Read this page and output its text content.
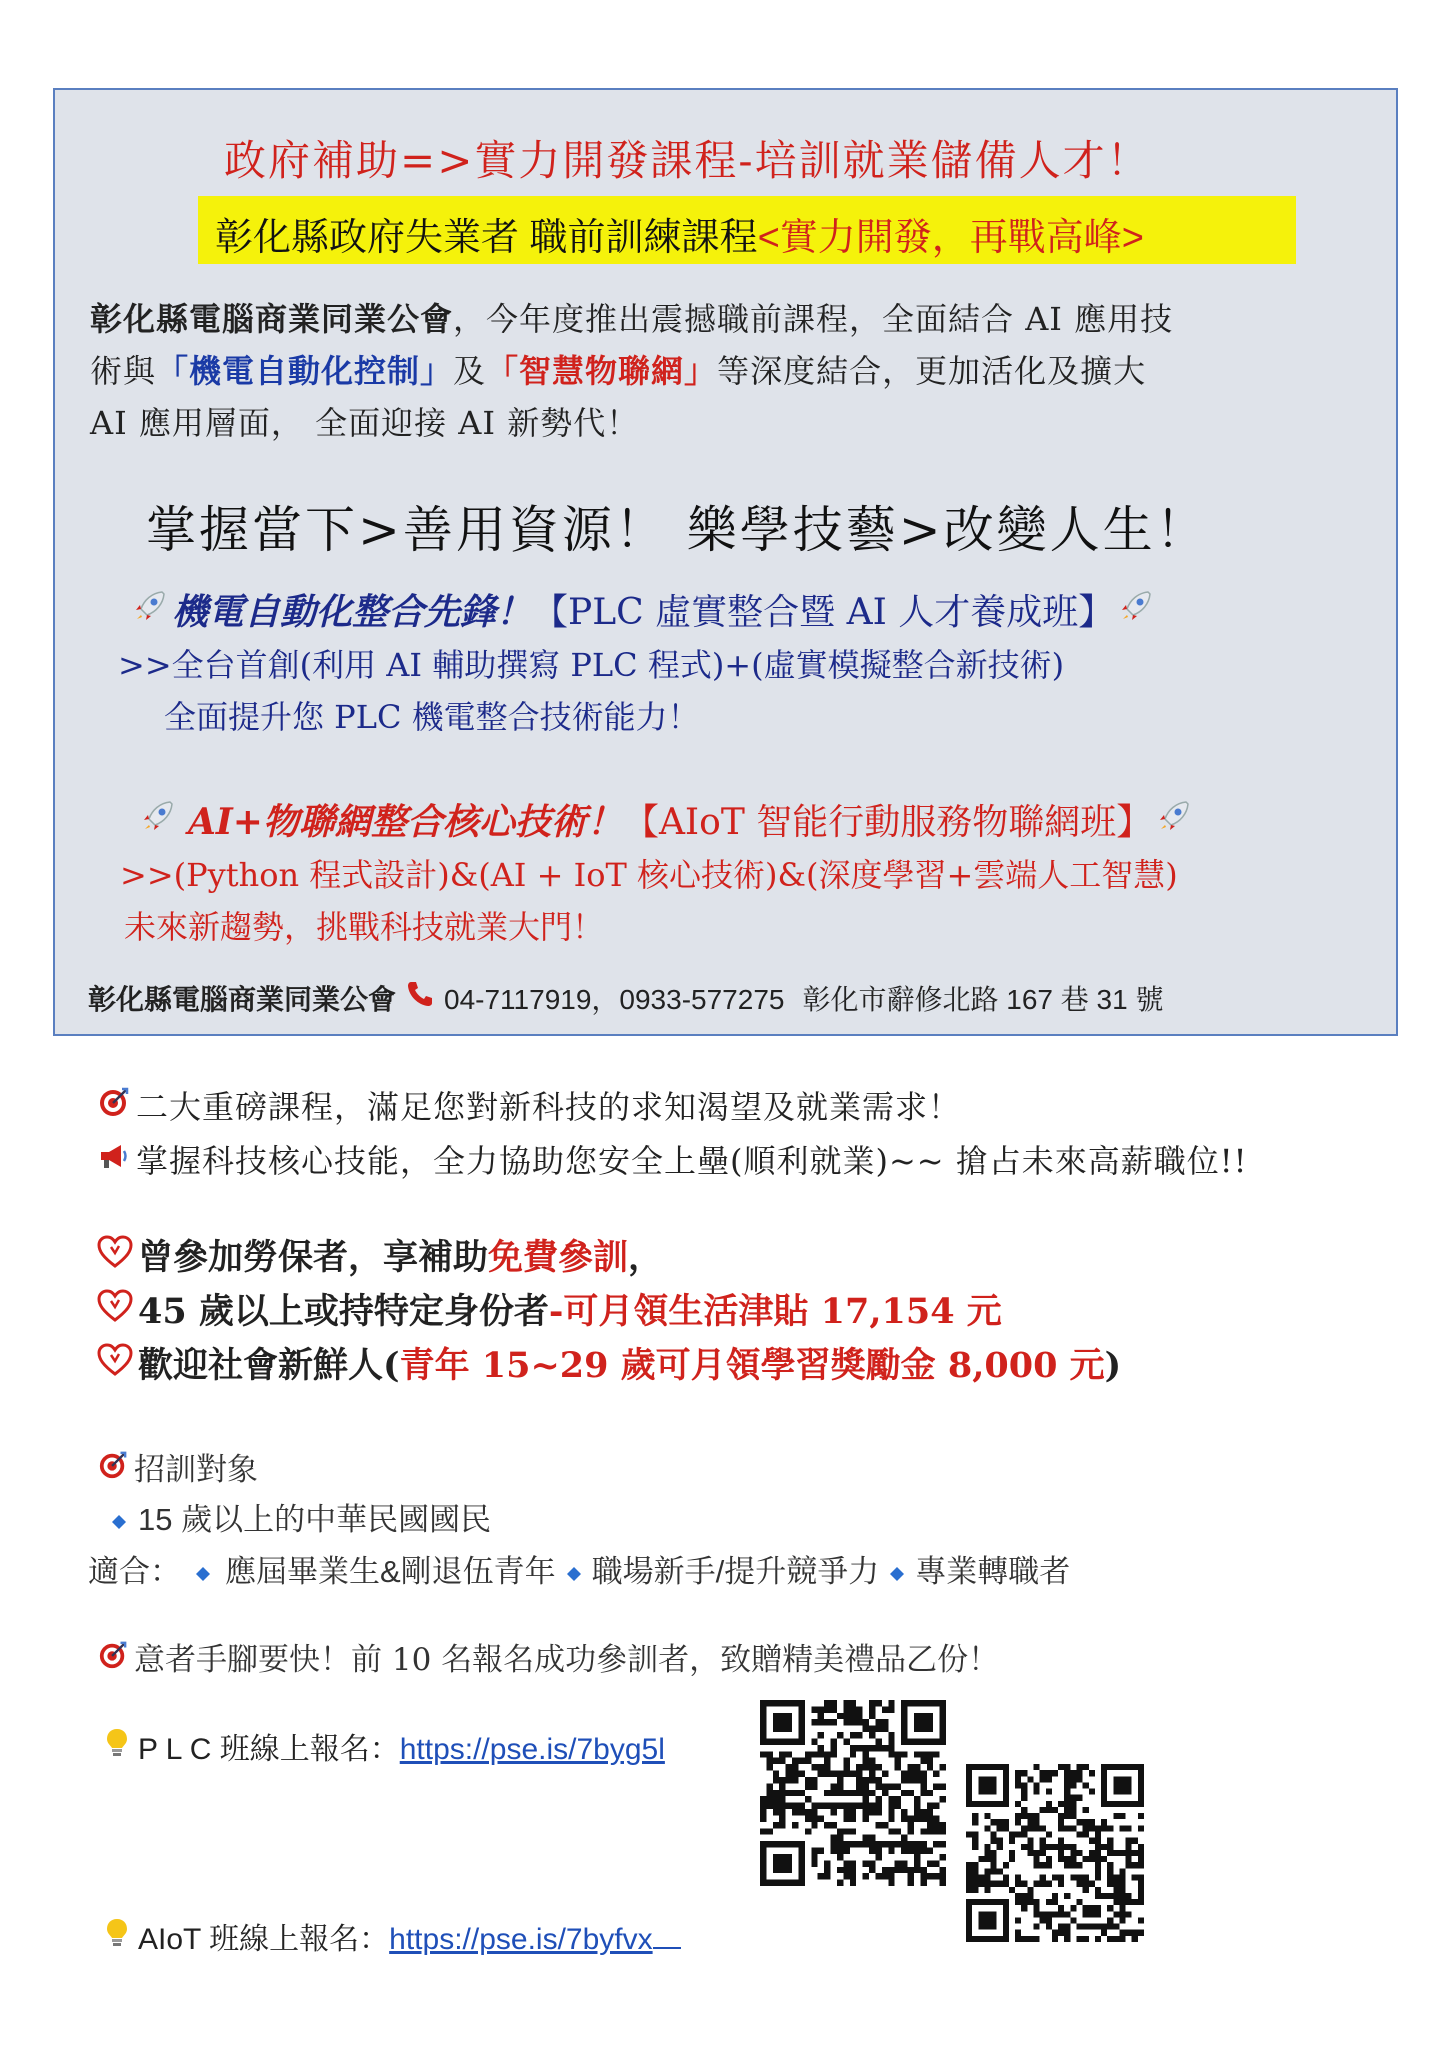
政府補助=>實力開發課程-培訓就業儲備人才！
彰化縣政府失業者 職前訓練課程<實力開發，再戰高峰>
彰化縣電腦商業同業公會，今年度推出震撼職前課程，全面結合 AI 應用技
術與「機電自動化控制」及「智慧物聯網」等深度結合，更加活化及擴大
AI 應用層面， 全面迎接 AI 新勢代！
掌握當下>善用資源！ 樂學技藝>改變人生！
機電自動化整合先鋒！【PLC 虛實整合暨 AI 人才養成班】
>>全台首創(利用 AI 輔助撰寫 PLC 程式)+(虛實模擬整合新技術)
全面提升您 PLC 機電整合技術能力！
AI+物聯網整合核心技術！【AIoT 智能行動服務物聯網班】
>>(Python 程式設計)&(AI + IoT 核心技術)&(深度學習+雲端人工智慧)
未來新趨勢，挑戰科技就業大門！
彰化縣電腦商業同業公會 04-7117919，0933-577275 彰化市辭修北路 167 巷 31 號
二大重磅課程，滿足您對新科技的求知渴望及就業需求！
掌握科技核心技能，全力協助您安全上壘(順利就業)~~ 搶占未來高薪職位!!
曾參加勞保者，享補助免費參訓，
45 歲以上或持特定身份者-可月領生活津貼 17,154 元
歡迎社會新鮮人(青年 15~29 歲可月領學習獎勵金 8,000 元)
招訓對象
15 歲以上的中華民國國民
適合： 應屆畢業生&剛退伍青年 職場新手/提升競爭力 專業轉職者
意者手腳要快！前 10 名報名成功參訓者，致贈精美禮品乙份！
P L C 班線上報名：https://pse.is/7byg5l
AIoT 班線上報名：https://pse.is/7byfvx
